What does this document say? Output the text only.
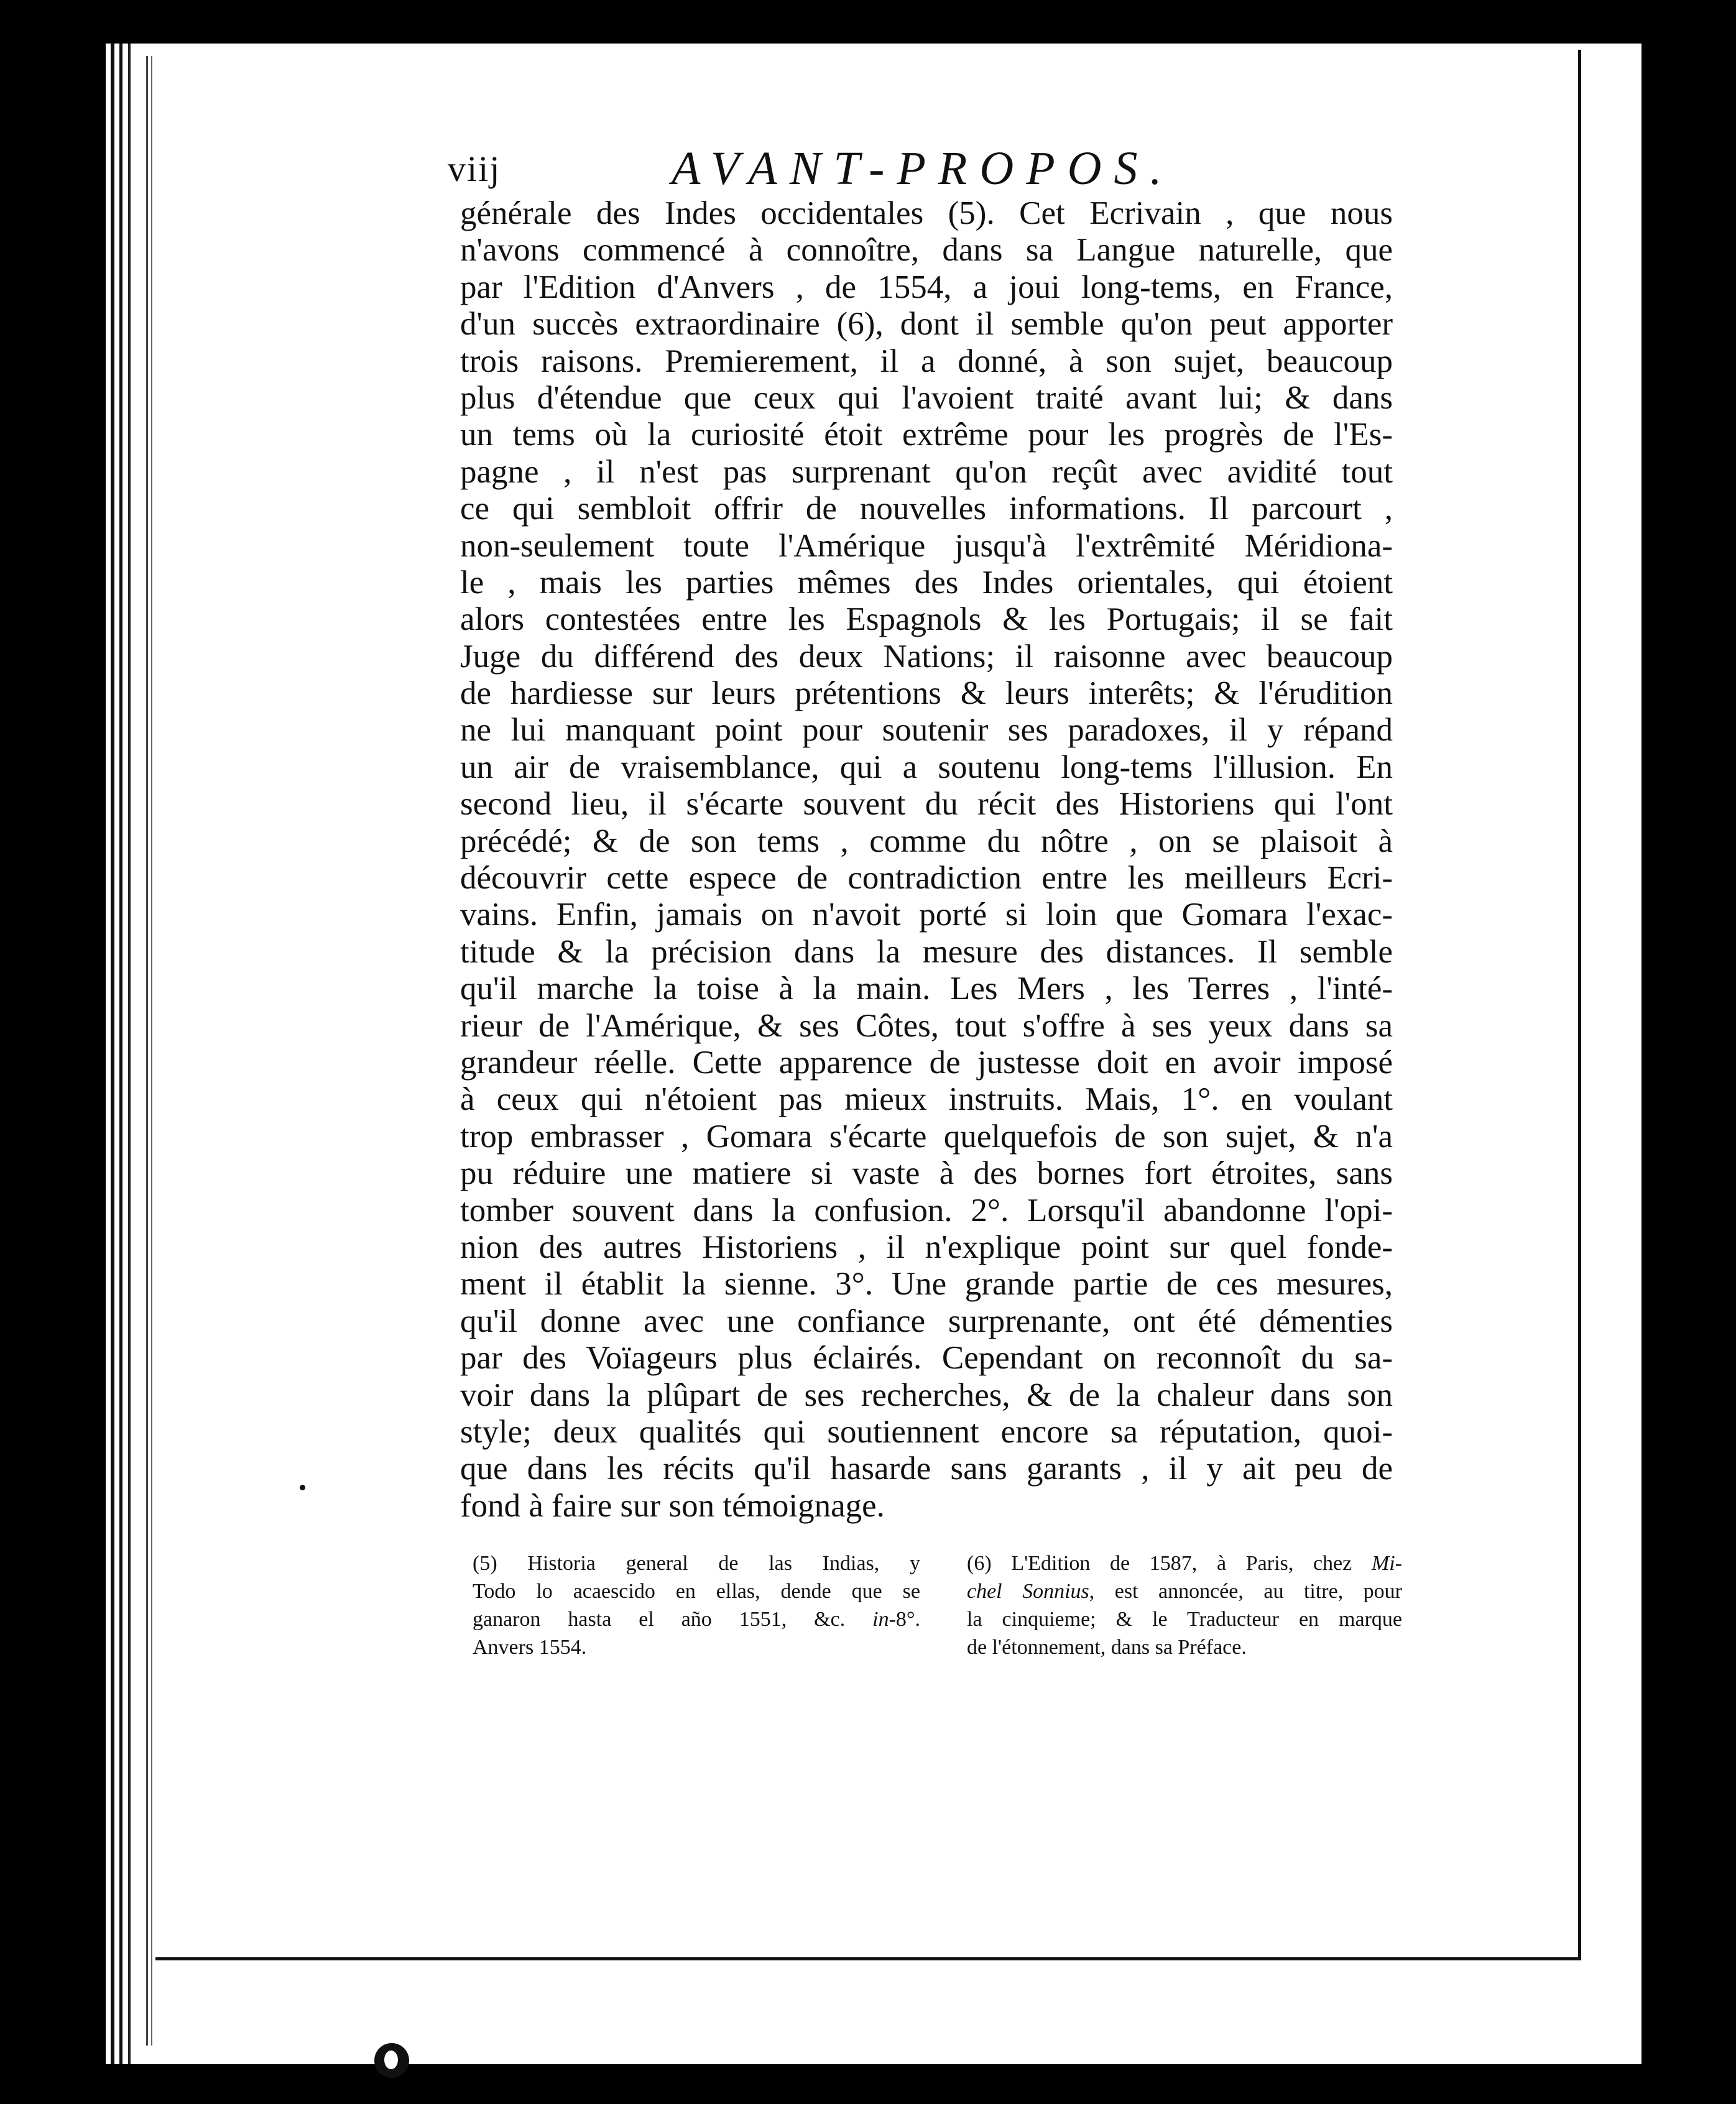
viij	AVANT-PROPOS.
générale des Indes occidentales (5). Cet Ecrivain , que nous
n'avons commencé à connoître, dans sa Langue naturelle, que
par l'Edition d'Anvers , de 1554, a joui long-tems, en France,
d'un succès extraordinaire (6), dont il semble qu'on peut apporter
trois raisons. Premierement, il a donné, à son sujet, beaucoup
plus d'étendue que ceux qui l'avoient traité avant lui; & dans
un tems où la curiosité étoit extrême pour les progrès de l'Es-
pagne , il n'est pas surprenant qu'on reçût avec avidité tout
ce qui sembloit offrir de nouvelles informations. Il parcourt ,
non-seulement toute l'Amérique jusqu'à l'extrêmité Méridiona-
le , mais les parties mêmes des Indes orientales, qui étoient
alors contestées entre les Espagnols & les Portugais; il se fait
Juge du différend des deux Nations; il raisonne avec beaucoup
de hardiesse sur leurs prétentions & leurs interêts; & l'érudition
ne lui manquant point pour soutenir ses paradoxes, il y répand
un air de vraisemblance, qui a soutenu long-tems l'illusion. En
second lieu, il s'écarte souvent du récit des Historiens qui l'ont
précédé; & de son tems , comme du nôtre , on se plaisoit à
découvrir cette espece de contradiction entre les meilleurs Ecri-
vains. Enfin, jamais on n'avoit porté si loin que Gomara l'exac-
titude & la précision dans la mesure des distances. Il semble
qu'il marche la toise à la main. Les Mers , les Terres , l'inté-
rieur de l'Amérique, & ses Côtes, tout s'offre à ses yeux dans sa
grandeur réelle. Cette apparence de justesse doit en avoir imposé
à ceux qui n'étoient pas mieux instruits. Mais, 1°. en voulant
trop embrasser , Gomara s'écarte quelquefois de son sujet, & n'a
pu réduire une matiere si vaste à des bornes fort étroites, sans
tomber souvent dans la confusion. 2°. Lorsqu'il abandonne l'opi-
nion des autres Historiens , il n'explique point sur quel fonde-
ment il établit la sienne. 3°. Une grande partie de ces mesures,
qu'il donne avec une confiance surprenante, ont été démenties
par des Voïageurs plus éclairés. Cependant on reconnoît du sa-
voir dans la plûpart de ses recherches, & de la chaleur dans son
style; deux qualités qui soutiennent encore sa réputation, quoi-
que dans les récits qu'il hasarde sans garants , il y ait peu de
fond à faire sur son témoignage.
(5) Historia general de las Indias, y
Todo lo acaescido en ellas, dende que se
ganaron hasta el año 1551, &c. in-8°.
Anvers 1554.
(6) L'Edition de 1587, à Paris, chez Mi-
chel Sonnius, est annoncée, au titre, pour
la cinquieme; & le Traducteur en marque
de l'étonnement, dans sa Préface.
